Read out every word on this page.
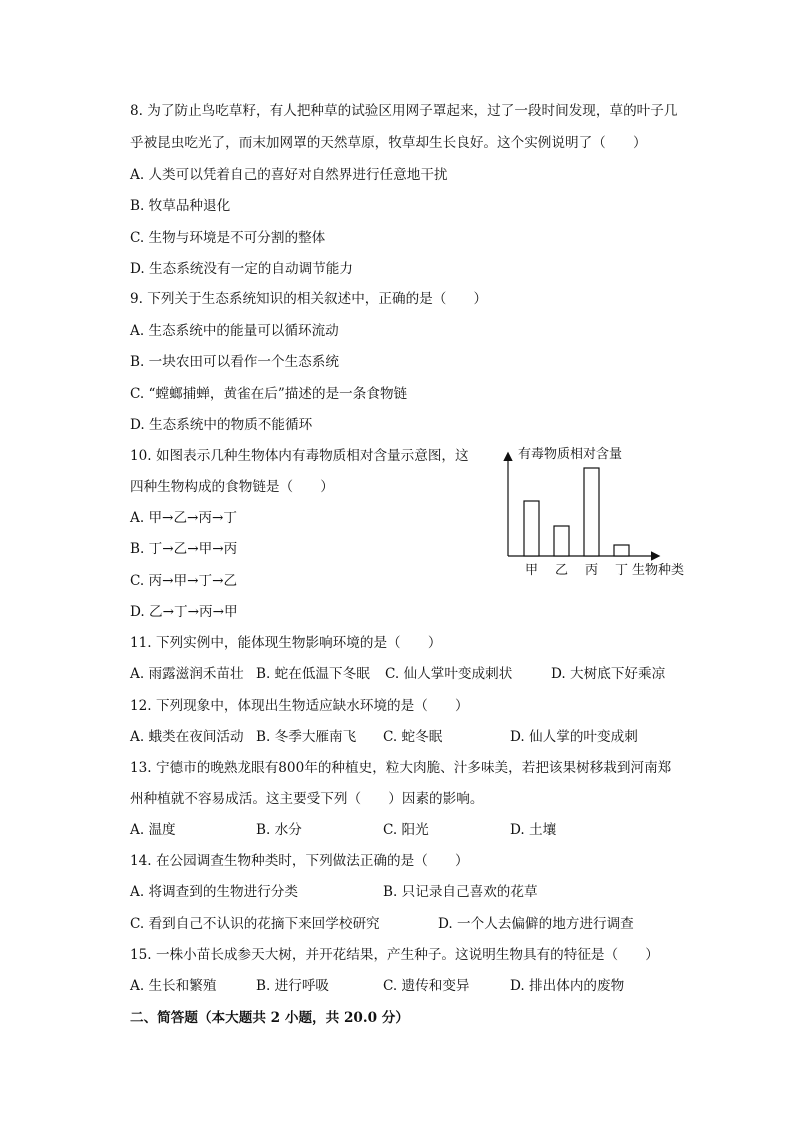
8. 为了防止鸟吃草籽，有人把种草的试验区用网子罩起来，过了一段时间发现，草的叶子几
乎被昆虫吃光了，而末加网罩的天然草原，牧草却生长良好。这个实例说明了（　　）
A. 人类可以凭着自己的喜好对自然界进行任意地干扰
B. 牧草品种退化
C. 生物与环境是不可分割的整体
D. 生态系统没有一定的自动调节能力
9. 下列关于生态系统知识的相关叙述中，正确的是（　　）
A. 生态系统中的能量可以循环流动
B. 一块农田可以看作一个生态系统
C. “螳螂捕蝉，黄雀在后”描述的是一条食物链
D. 生态系统中的物质不能循环
10. 如图表示几种生物体内有毒物质相对含量示意图，这
四种生物构成的食物链是（　　）
A. 甲→乙→丙→丁
B. 丁→乙→甲→丙
C. 丙→甲→丁→乙
D. 乙→丁→丙→甲
有毒物质相对含量
生物种类
甲 乙 丙 丁
11. 下列实例中，能体现生物影响环境的是（　　）
A. 雨露滋润禾苗壮 B. 蛇在低温下冬眠 C. 仙人掌叶变成刺状	D. 大树底下好乘凉
12. 下列现象中，体现出生物适应缺水环境的是（　　）
A. 蛾类在夜间活动 B. 冬季大雁南飞 C. 蛇冬眠	D. 仙人掌的叶变成刺
13. 宁德市的晚熟龙眼有800年的种植史，粒大肉脆、汁多味美，若把该果树移栽到河南郑
州种植就不容易成活。这主要受下列（　　）因素的影响。
A. 温度	B. 水分	C. 阳光	D. 土壤
14. 在公园调查生物种类时，下列做法正确的是（　　）
A. 将调查到的生物进行分类	B. 只记录自己喜欢的花草
C. 看到自己不认识的花摘下来回学校研究	D. 一个人去偏僻的地方进行调查
15. 一株小苗长成参天大树，并开花结果，产生种子。这说明生物具有的特征是（　　）
A. 生长和繁殖	B. 进行呼吸	C. 遗传和变异	D. 排出体内的废物
二、简答题（本大题共 2 小题，共 20.0 分）
